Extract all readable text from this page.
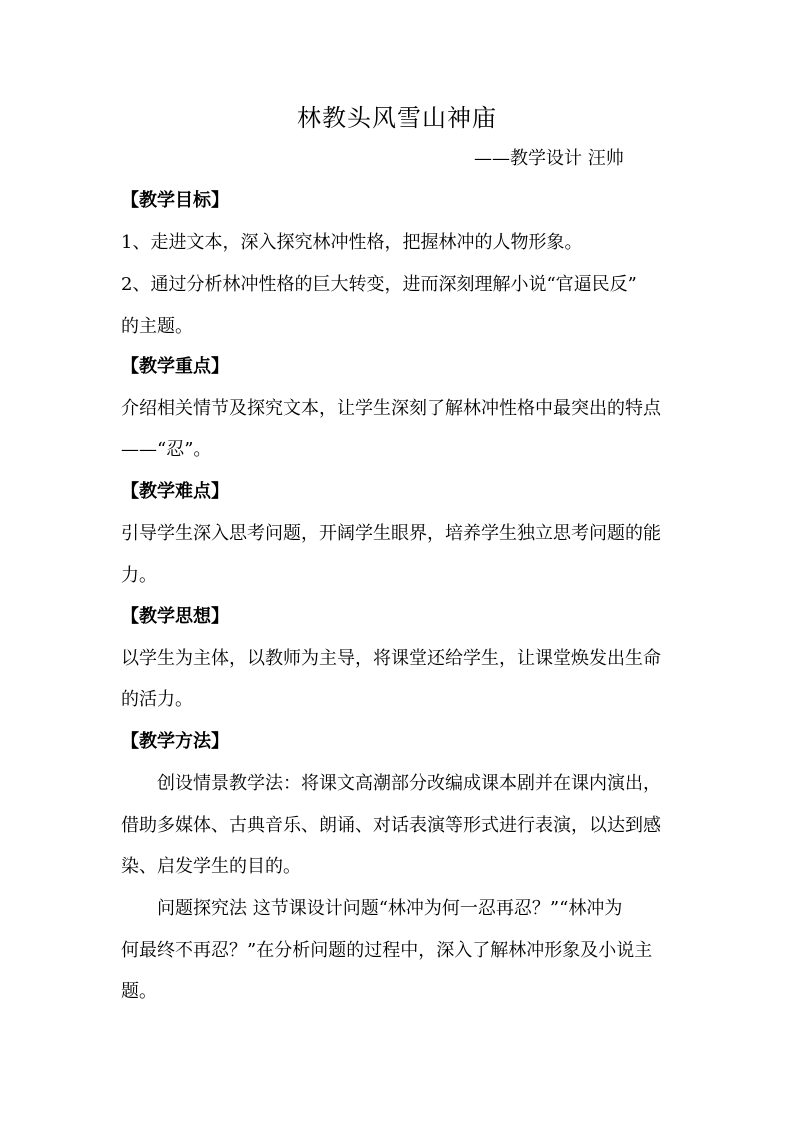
林教头风雪山神庙
——教学设计 汪帅
【教学目标】
1、走进文本，深入探究林冲性格，把握林冲的人物形象。
2、通过分析林冲性格的巨大转变，进而深刻理解小说“官逼民反”
的主题。
【教学重点】
介绍相关情节及探究文本，让学生深刻了解林冲性格中最突出的特点
——“忍”。
【教学难点】
引导学生深入思考问题，开阔学生眼界，培养学生独立思考问题的能
力。
【教学思想】
以学生为主体，以教师为主导，将课堂还给学生，让课堂焕发出生命
的活力。
【教学方法】
创设情景教学法：将课文高潮部分改编成课本剧并在课内演出，
借助多媒体、古典音乐、朗诵、对话表演等形式进行表演，以达到感
染、启发学生的目的。
问题探究法 这节课设计问题“林冲为何一忍再忍？”“林冲为
何最终不再忍？”在分析问题的过程中，深入了解林冲形象及小说主
题。
